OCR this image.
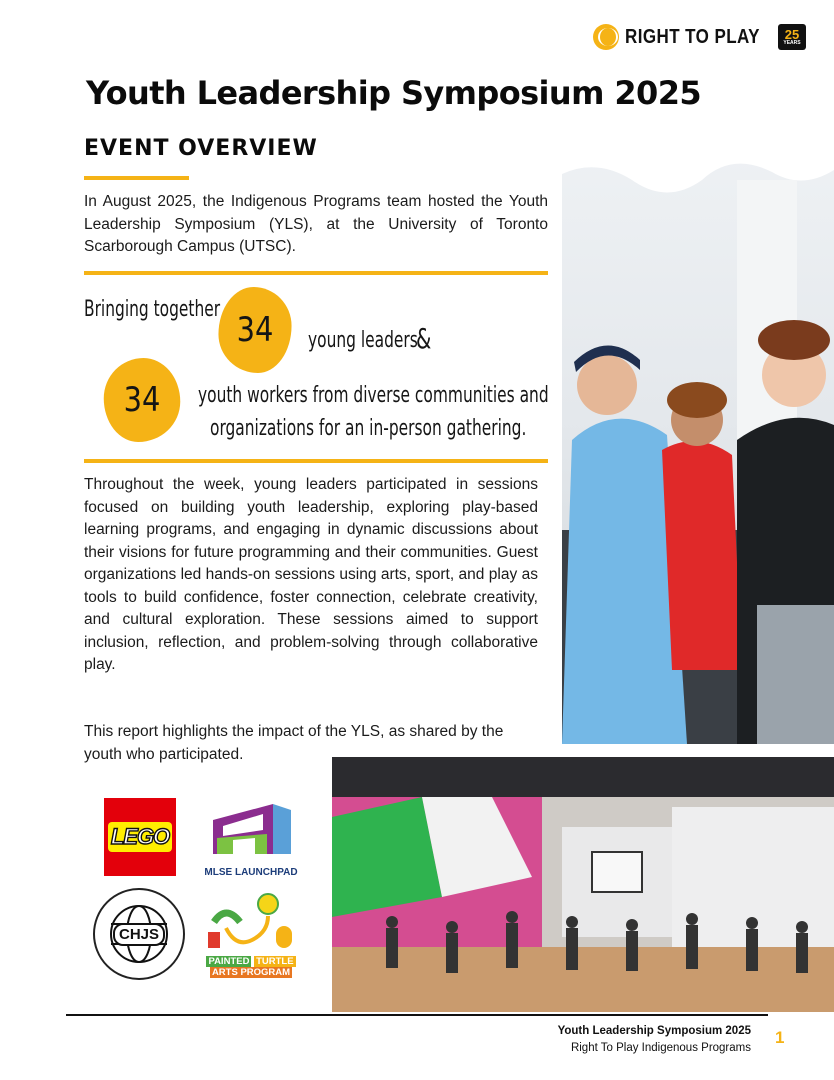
RIGHT TO PLAY 25
YEARS
Youth Leadership Symposium 2025
EVENT OVERVIEW
In August 2025, the Indigenous Programs team hosted the Youth Leadership Symposium (YLS), at the University of Toronto Scarborough Campus (UTSC).
Bringing together
34 young leaders
&
34 youth workers from diverse communities and
organizations for an in-person gathering.
Throughout the week, young leaders participated in sessions focused on building youth leadership, exploring play-based learning programs, and engaging in dynamic discussions about their visions for future programming and their communities. Guest organizations led hands-on sessions using arts, sport, and play as tools to build confidence, foster connection, celebrate creativity, and cultural exploration. These sessions aimed to support inclusion, reflection, and problem-solving through collaborative play.
This report highlights the impact of the YLS, as shared by the youth who participated.
LEGO
MLSE LAUNCHPAD
CHJS
PAINTED TURTLE
ARTS PROGRAM
Youth Leadership Symposium 2025
Right To Play Indigenous Programs
1
